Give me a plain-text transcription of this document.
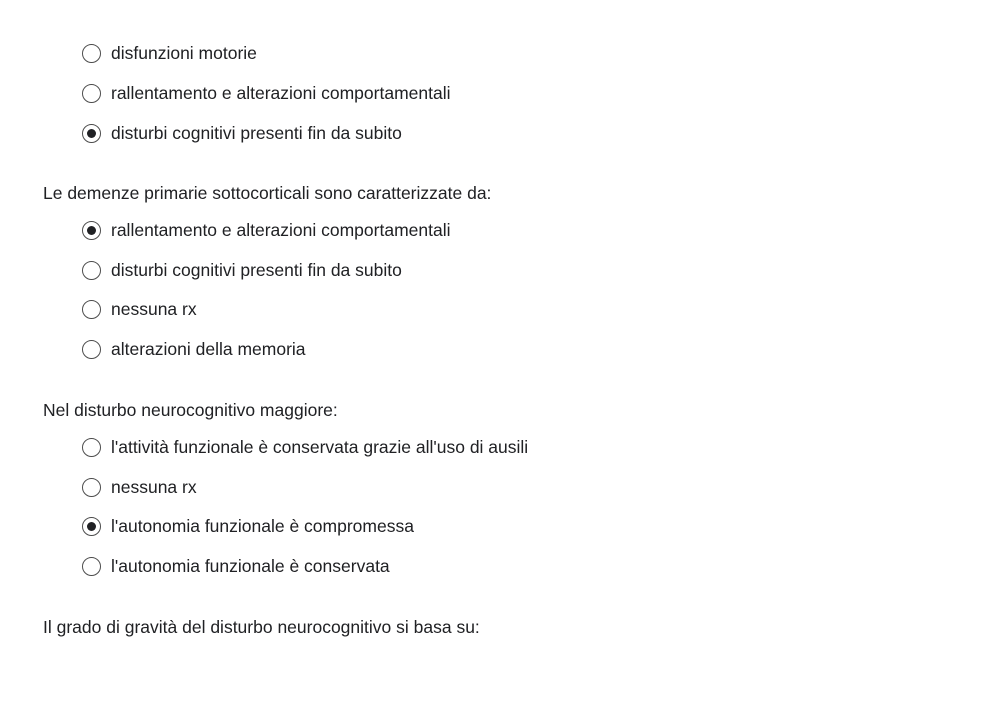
disfunzioni motorie
rallentamento e alterazioni comportamentali
disturbi cognitivi presenti fin da subito
Le demenze primarie sottocorticali sono caratterizzate da:
rallentamento e alterazioni comportamentali
disturbi cognitivi presenti fin da subito
nessuna rx
alterazioni della memoria
Nel disturbo neurocognitivo maggiore:
l'attività funzionale è conservata grazie all'uso di ausili
nessuna rx
l'autonomia funzionale è compromessa
l'autonomia funzionale è conservata
Il grado di gravità del disturbo neurocognitivo si basa su:
